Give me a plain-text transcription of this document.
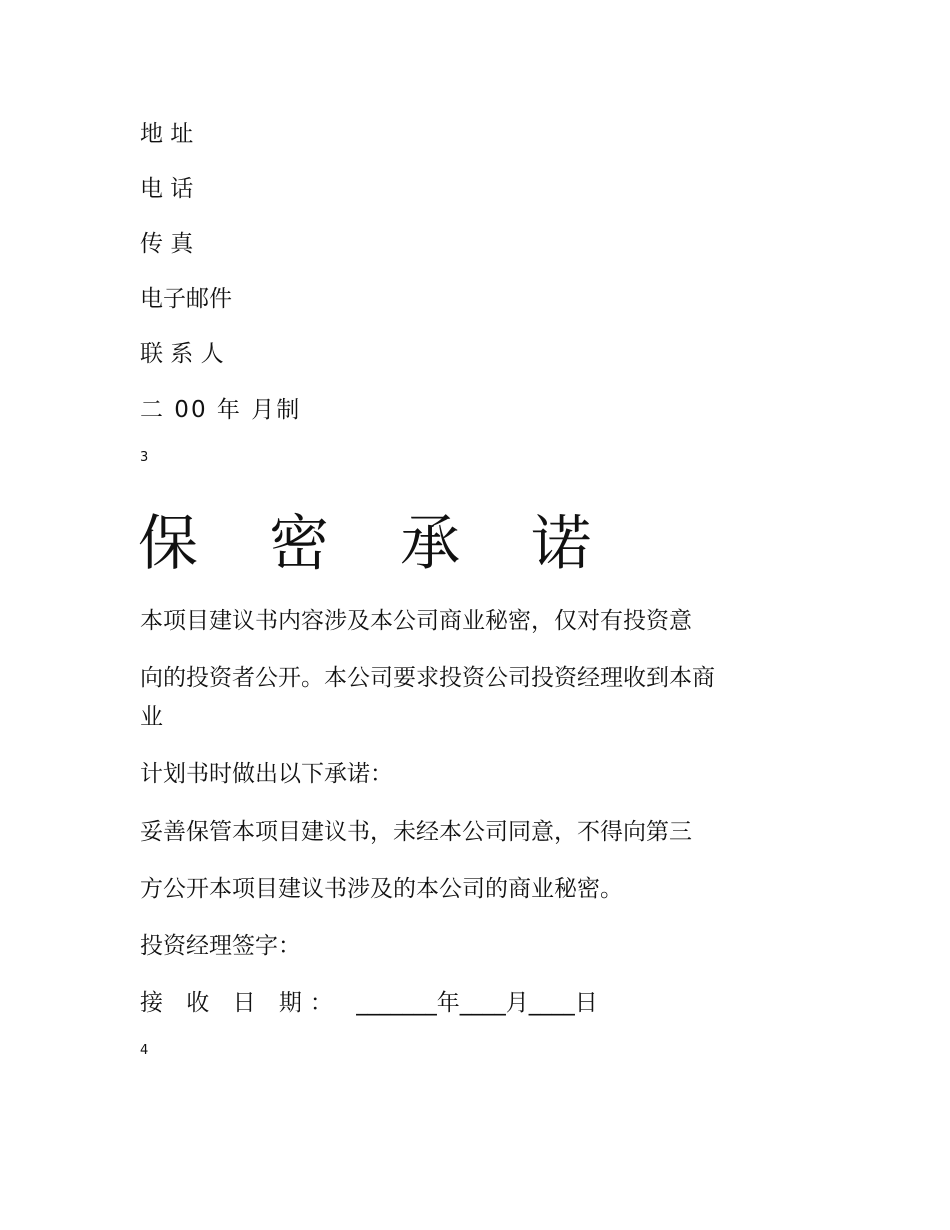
地 址

电 话

传 真

电子邮件

联 系 人

二 00 年 月制

3

保 密 承 诺

本项目建议书内容涉及本公司商业秘密，仅对有投资意

向的投资者公开。本公司要求投资公司投资经理收到本商

业

计划书时做出以下承诺：

妥善保管本项目建议书，未经本公司同意，不得向第三

方公开本项目建议书涉及的本公司的商业秘密。

投资经理签字：

接 收 日 期： _______年____月____日

4
